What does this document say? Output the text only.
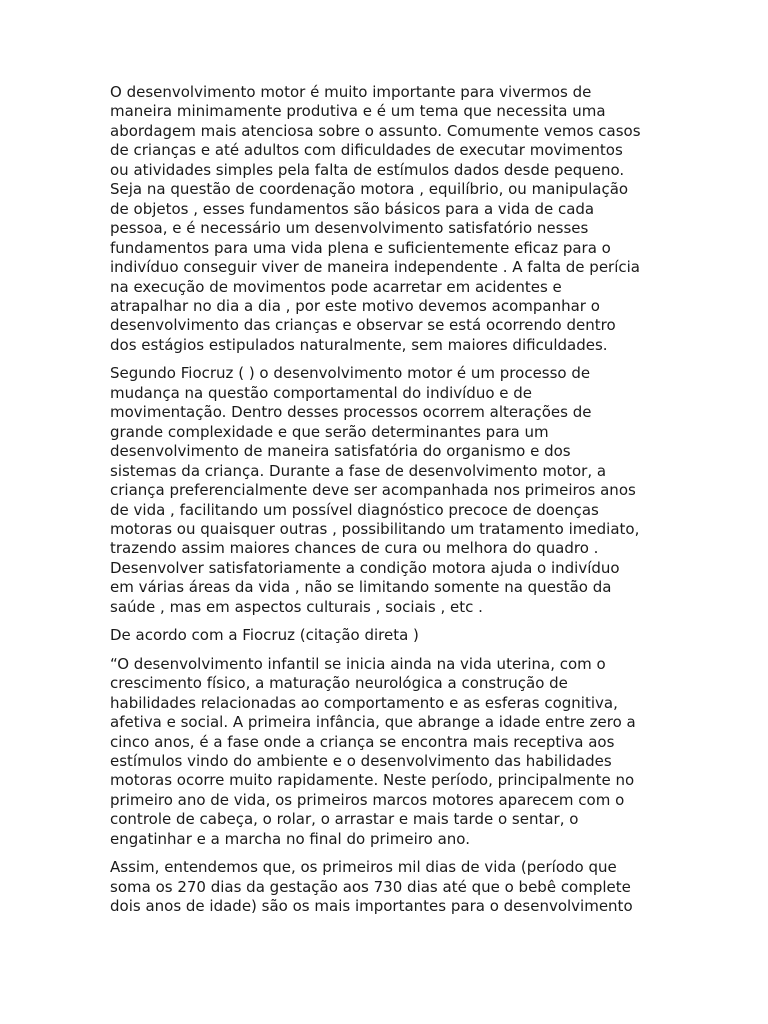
O desenvolvimento motor é muito importante para vivermos de
maneira minimamente produtiva e é um tema que necessita uma
abordagem mais atenciosa sobre o assunto. Comumente vemos casos
de crianças e até adultos com dificuldades de executar movimentos
ou atividades simples pela falta de estímulos dados desde pequeno.
Seja na questão de coordenação motora , equilíbrio, ou manipulação
de objetos , esses fundamentos são básicos para a vida de cada
pessoa, e é necessário um desenvolvimento satisfatório nesses
fundamentos para uma vida plena e suficientemente eficaz para o
indivíduo conseguir viver de maneira independente . A falta de perícia
na execução de movimentos pode acarretar em acidentes e
atrapalhar no dia a dia , por este motivo devemos acompanhar o
desenvolvimento das crianças e observar se está ocorrendo dentro
dos estágios estipulados naturalmente, sem maiores dificuldades.

Segundo Fiocruz ( ) o desenvolvimento motor é um processo de
mudança na questão comportamental do indivíduo e de
movimentação. Dentro desses processos ocorrem alterações de
grande complexidade e que serão determinantes para um
desenvolvimento de maneira satisfatória do organismo e dos
sistemas da criança. Durante a fase de desenvolvimento motor, a
criança preferencialmente deve ser acompanhada nos primeiros anos
de vida , facilitando um possível diagnóstico precoce de doenças
motoras ou quaisquer outras , possibilitando um tratamento imediato,
trazendo assim maiores chances de cura ou melhora do quadro .
Desenvolver satisfatoriamente a condição motora ajuda o indivíduo
em várias áreas da vida , não se limitando somente na questão da
saúde , mas em aspectos culturais , sociais , etc .

De acordo com a Fiocruz (citação direta )

“O desenvolvimento infantil se inicia ainda na vida uterina, com o
crescimento físico, a maturação neurológica a construção de
habilidades relacionadas ao comportamento e as esferas cognitiva,
afetiva e social. A primeira infância, que abrange a idade entre zero a
cinco anos, é a fase onde a criança se encontra mais receptiva aos
estímulos vindo do ambiente e o desenvolvimento das habilidades
motoras ocorre muito rapidamente. Neste período, principalmente no
primeiro ano de vida, os primeiros marcos motores aparecem com o
controle de cabeça, o rolar, o arrastar e mais tarde o sentar, o
engatinhar e a marcha no final do primeiro ano.

Assim, entendemos que, os primeiros mil dias de vida (período que
soma os 270 dias da gestação aos 730 dias até que o bebê complete
dois anos de idade) são os mais importantes para o desenvolvimento
